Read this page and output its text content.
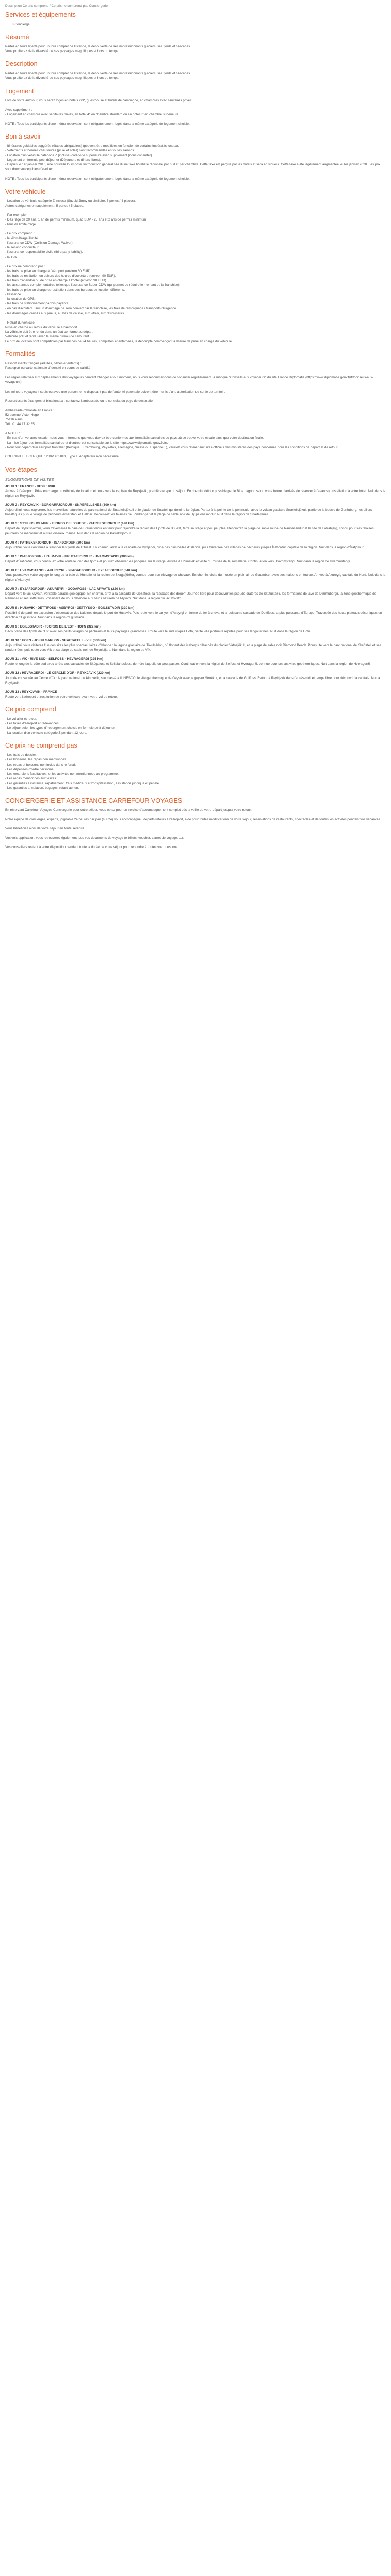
Description Ce prix comprend / Ce prix ne comprend pas Conciergerie
Services et équipements
● Concierge
Résumé
Partez en toute liberté pour un tour complet de l'Islande, la découverte de ses impressionnants glaciers, ses fjords et cascades.
Vous profiterez de la diversité de ses paysages magnifiques et hors du temps.
Description
Partez en toute liberté pour un tour complet de l'Islande, la découverte de ses impressionnants glaciers, ses fjords et cascades.
Vous profiterez de la diversité de ses paysages magnifiques et hors du temps.
Logement
Lors de votre autotour, vous serez logés en hôtels 2/3*, guesthouse et hôtels de campagne, en chambres avec sanitaires privés.
Avec supplément :
- Logement en chambre avec sanitaires privés, en hôtel 4* en chambre standard ou en hôtel 3* en chambre supérieure.
NOTE : Tous les participants d'une même réservation sont obligatoirement logés dans la même catégorie de logement choisie.
Bon à savoir
- Itinéraires guidables suggérés (étapes obligatoires) (peuvent être modifiées en fonction de certains impératifs locaux).
- Vêtements et bonnes chaussures (pluie et soleil) sont recommandés en toutes saisons.
- Location d'un véhicule catégorie Z (incluse) catégorie supérieure avec supplément (nous consulter)
- Logement en formule petit déjeuner (Déjeuners et dîners libres).
- Depuis le 1er janvier 2016, une nouvelle loi impose l'introduction généralisée d'une taxe hôtelière régionale par nuit et par chambre. Cette taxe est perçue par les hôtels et sera en vigueur. Cette taxe a été légèrement augmentée le 1er janvier 2020. Les prix sont donc susceptibles d'évoluer.
NOTE : Tous les participants d'une même réservation sont obligatoirement logés dans la même catégorie de logement choisie.
Votre véhicule
- Location de véhicule catégorie Z incluse (Suzuki Jimny ou similaire, 5 portes / 4 places).
Autres catégories en supplément : 5 portes / 5 places.
- Par exemple :
- Dès l'âge de 20 ans, 1 an de permis minimum, quad SUV - 25 ans et 2 ans de permis minimum
- Plus de limite d'âge.
- Le prix comprend :
- le kilométrage illimité.
- l'assurance CDW (Collision Damage Waiver).
- le second conducteur.
- l'assurance responsabilité civile (third party liability).
- la TVA.
- Le prix ne comprend pas :
- les frais de prise en charge à l'aéroport (environ 30 EUR).
- les frais de restitution en dehors des heures d'ouverture (environ 90 EUR).
- les frais d'abandon ou de prise en charge à l'hôtel (environ 90 EUR).
- les assurances complémentaires telles que l'assurance Super CDW (qui permet de réduire le montant de la franchise).
- les frais de prise en charge et restitution dans des bureaux de location différents.
- l'essence.
- la location de GPS.
- les frais de stationnement parfois payants.
- en cas d'accident : aucun dommage ne sera couvert par la franchise, les frais de remorquage / transports d'urgence.
- les dommages causés aux pneus, au bas de caisse, aux vitres, aux rétroviseurs.
- Retrait du véhicule :
Prise en charge au retour du véhicule à l'aéroport.
La véhicule doit être rendu dans un état conforme au départ.
Véhicule prêt et rendu avec le même niveau de carburant.
Le prix de location sont compatibles par tranches de 24 heures, complètes et entamées, le décompte commençant à l'heure de prise en charge du véhicule.
Formalités
Ressortissants français (adultes, bébés et enfants) :
Passeport ou carte nationale d'identité en cours de validité.
Les règles relatives aux déplacements des voyageurs peuvent changer à tout moment, nous vous recommandons de consulter régulièrement la rubrique "Conseils aux voyageurs" du site France Diplomatie (https://www.diplomatie.gouv.fr/fr/conseils-aux-voyageurs).
Les mineurs voyageant seuls ou avec une personne ne disposant pas de l'autorité parentale doivent être munis d'une autorisation de sortie de territoire.
Ressortissants étrangers et binationaux : contactez l'ambassade ou le consulat du pays de destination.
Ambassade d'Islande en France :
52 avenue Victor Hugo
75116 Paris
Tél : 01 44 17 32 85
A NOTER :
- En cas d'un vol avec escale, nous vous informons que vous devrez être conformes aux formalités sanitaires du pays où se trouve votre escale ainsi que votre destination finale.
- La mise à jour des formalités sanitaires et d'entrée est consultable sur le site https://www.diplomatie.gouv.fr/fr/.
- Pour tout départ d'un aéroport frontalier (Belgique, Luxembourg, Pays-Bas, Allemagne, Suisse ou Espagne...), veuillez vous référer aux sites officiels des ministères des pays concernés pour les conditions de départ et de retour.
COURANT ELECTRIQUE : 230V et 50Hz, Type F. Adaptateur non nécessaire.
Vos étapes
SUGGESTIONS DE VISITES
JOUR 1 : FRANCE - REYKJAVIK
Arrivée à l'aéroport. Prise en charge du véhicule de location et route vers la capitale de Reykjavik, première étape du séjour. En chemin, détour possible par le Blue Lagoon selon votre heure d'arrivée (le réserver à l'avance). Installation à votre hôtel. Nuit dans la région de Reykjavik.
JOUR 2 : REYKJAVIK - BORGARFJORDUR - SNAEFELLSNES (300 km)
Aujourd'hui, vous explorerez les merveilles naturelles du parc national de Snaefellsjökull et le glacier de Snæfell qui domine la région. Partez à la pointe de la péninsule, avec le volcan glaciaire Snæfellsjökull, partie de la boucle de Gerðuberg, les piliers basaltiques puis le village de pêcheurs Arnarstapi et Hellnar. Découvrez les falaises de Lóndrangar et la plage de sable noir de Djúpalónssandur. Nuit dans la région de Snæfellsnes.
JOUR 3 : STYKKISHOLMUR - FJORDS DE L'OUEST - PATREKSFJORDUR (420 km)
Départ de Stykkishólmur, vous traverserez la baie de Breiðafjörður en ferry pour rejoindre la région des Fjords de l'Ouest, terre sauvage et peu peuplée. Découvrez la plage de sable rouge de Rauðasandur et le site de Látrabjarg, connu pour ses falaises peuplées de macareux et autres oiseaux marins. Nuit dans la région de Patreksfjörður.
JOUR 4 : PATREKSFJORDUR - ISAFJORDUR (200 km)
Aujourd'hui, vous continuez à sillonner les fjords de l'Ouest. En chemin, arrêt à la cascade de Dynjandi, l'une des plus belles d'Islande, puis traversée des villages de pêcheurs jusqu'à Ísafjörður, capitale de la région. Nuit dans la région d'Ísafjörður.
JOUR 5 : ISAFJORDUR - HOLMAVIK - HRUTAFJORDUR - HVAMMSTANGI (380 km)
Départ d'Ísafjörður, vous continuez votre route le long des fjords et pourrez observer les phoques sur le rivage. Arrivée à Hólmavík et visite du musée de la sorcellerie. Continuation vers Hvammstangi. Nuit dans la région de Hvammstangi.
JOUR 6 : HVAMMSTANGI - AKUREYRI - SKAGAFJORDUR - EYJAFJORDUR (340 km)
Vous poursuivez votre voyage le long de la baie de Húnaflói et la région de Skagafjörður, connue pour son élevage de chevaux. En chemin, visite du musée en plein air de Glaumbær avec ses maisons en tourbe. Arrivée à Akureyri, capitale du Nord. Nuit dans la région d'Akureyri.
JOUR 7 : EYJAFJORDUR - AKUREYRI - GODAFOSS - LAC MYVATN (220 km)
Départ vers le lac Mývatn, véritable paradis géologique. En chemin, arrêt à la cascade de Goðafoss, la "cascade des dieux". Journée libre pour découvrir les pseudo-cratères de Skútustaðir, les formations de lave de Dimmuborgir, la zone géothermique de Námafjall et ses solfatares. Possibilité de vous détendre aux bains naturels de Mývatn. Nuit dans la région du lac Mývatn.
JOUR 8 : HUSAVIK - DETTIFOSS - ASBYRGI - GETTYSGO - EGILSSTADIR (320 km)
Possibilité de partir en excursion d'observation des baleines depuis le port de Húsavík. Puis route vers le canyon d'Ásbyrgi en forme de fer à cheval et la puissante cascade de Dettifoss, la plus puissante d'Europe. Traversée des hauts plateaux désertiques en direction d'Egilsstaðir. Nuit dans la région d'Egilsstaðir.
JOUR 9 : EGILSSTADIR - FJORDS DE L'EST - HOFN (322 km)
Découverte des fjords de l'Est avec ses petits villages de pêcheurs et leurs paysages grandioses. Route vers le sud jusqu'à Höfn, petite ville portuaire réputée pour ses langoustines. Nuit dans la région de Höfn.
JOUR 10 : HOFN - JOKULSARLON - SKAFTAFELL - VIK (300 km)
Aujourd'hui, vous visiterez l'un des sites les plus spectaculaires d'Islande : la lagune glaciaire de Jökulsárlón, où flottent des icebergs détachés du glacier Vatnajökull, et la plage de sable noir Diamond Beach. Poursuite vers le parc national de Skaftafell et ses randonnées, puis route vers Vík et sa plage de sable noir de Reynisfjara. Nuit dans la région de Vík.
JOUR 11 : VIK - RIVE SUD - SELFOSS - HEVRAGERDI (225 km)
Route le long de la côte sud avec arrêts aux cascades de Skógafoss et Seljalandsfoss, derrière laquelle on peut passer. Continuation vers la région de Selfoss et Hveragerði, connue pour ses activités géothermiques. Nuit dans la région de Hveragerði.
JOUR 12 : HEVRAGERDI - LE CERCLE D'OR - REYKJAVIK (220 km)
Journée consacrée au Cercle d'Or : le parc national de Þingvellir, site classé à l'UNESCO, le site géothermique de Geysir avec le geyser Strokkur, et la cascade de Gullfoss. Retour à Reykjavik dans l'après-midi et temps libre pour découvrir la capitale. Nuit à Reykjavik.
JOUR 13 : REYKJAVIK - FRANCE
Route vers l'aéroport et restitution de votre véhicule avant votre vol de retour.
Ce prix comprend
- Le vol aller et retour.
- Les taxes d'aéroport et redevances.
- Le séjour selon les types d'hébergement choisis en formule petit déjeuner.
- La location d'un véhicule catégorie Z pendant 12 jours.
Ce prix ne comprend pas
- Les frais de dossier.
- Les boissons, les repas non mentionnés.
- Les repas et boissons non inclus dans le forfait.
- Les dépenses d'ordre personnel.
- Les excursions facultatives, et les activités non mentionnées au programme.
- Les repas mentionnés aux visites.
- Les garanties assistance, rapatriement, frais médicaux et l'hospitalisation, assistance juridique et pénale.
- Les garanties annulation, bagages, retard aérien.
CONCIERGERIE ET ASSISTANCE CARREFOUR VOYAGES
En réservant Carrefour Voyages Conciergerie pour votre séjour, vous optez pour un service d'accompagnement complet dès la veille de votre départ jusqu'à votre retour.
Notre équipe de concierges, experts, joignable 24 heures par jour (sur 24) vous accompagne : départs/retours à l'aéroport, aide pour toutes modifications de votre séjour, réservations de restaurants, spectacles et de toutes les activités pendant vos vacances.
Vous bénéficiez ainsi de votre séjour en toute sérénité.
Vos voix application, vous retrouverez également tous vos documents de voyage (e-billets, voucher, carnet de voyage, ...).
Vos conseillers restent à votre disposition pendant toute la durée de votre séjour pour répondre à toutes vos questions.
